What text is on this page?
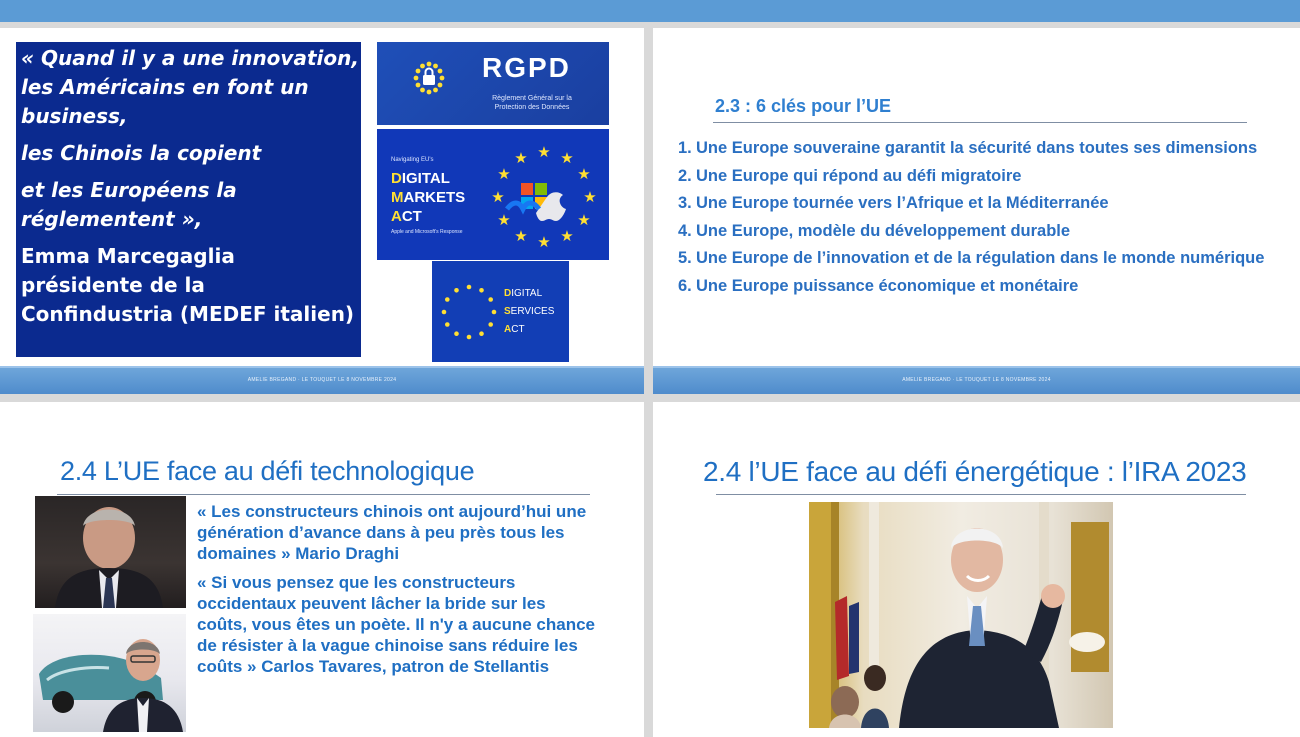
« Quand il y a une innovation,
les Américains en font un
business,
les Chinois la copient
et les Européens la
réglementent »,
Emma Marcegaglia présidente de la Confindustria (MEDEF italien)
RGPD
Règlement Général sur la Protection des Données
Navigating EU's
DIGITAL
MARKETS
ACT
Apple and Microsoft's Response
★ ★
★
★
★
★
★
★
★
★
★
★
DIGITAL
SERVICES
ACT
AMELIE BREGAND · LE TOUQUET LE 8 NOVEMBRE 2024
2.3 : 6 clés pour l’UE
1. Une Europe souveraine garantit la sécurité dans toutes ses dimensions
2. Une Europe qui répond au défi migratoire
3. Une Europe tournée vers l’Afrique et la Méditerranée
4. Une Europe, modèle du développement durable
5. Une Europe de l’innovation et de la régulation dans le monde numérique
6. Une Europe puissance économique et monétaire
AMELIE BREGAND · LE TOUQUET LE 8 NOVEMBRE 2024
2.4 L’UE face au défi technologique

« Les constructeurs chinois ont aujourd’hui une génération d’avance dans à peu près tous les domaines » Mario Draghi

« Si vous pensez que les constructeurs occidentaux peuvent lâcher la bride sur les coûts, vous êtes un poète. Il n'y a aucune chance de résister à la vague chinoise sans réduire les coûts » Carlos Tavares, patron de Stellantis

2.4 l’UE face au défi énergétique : l’IRA 2023
